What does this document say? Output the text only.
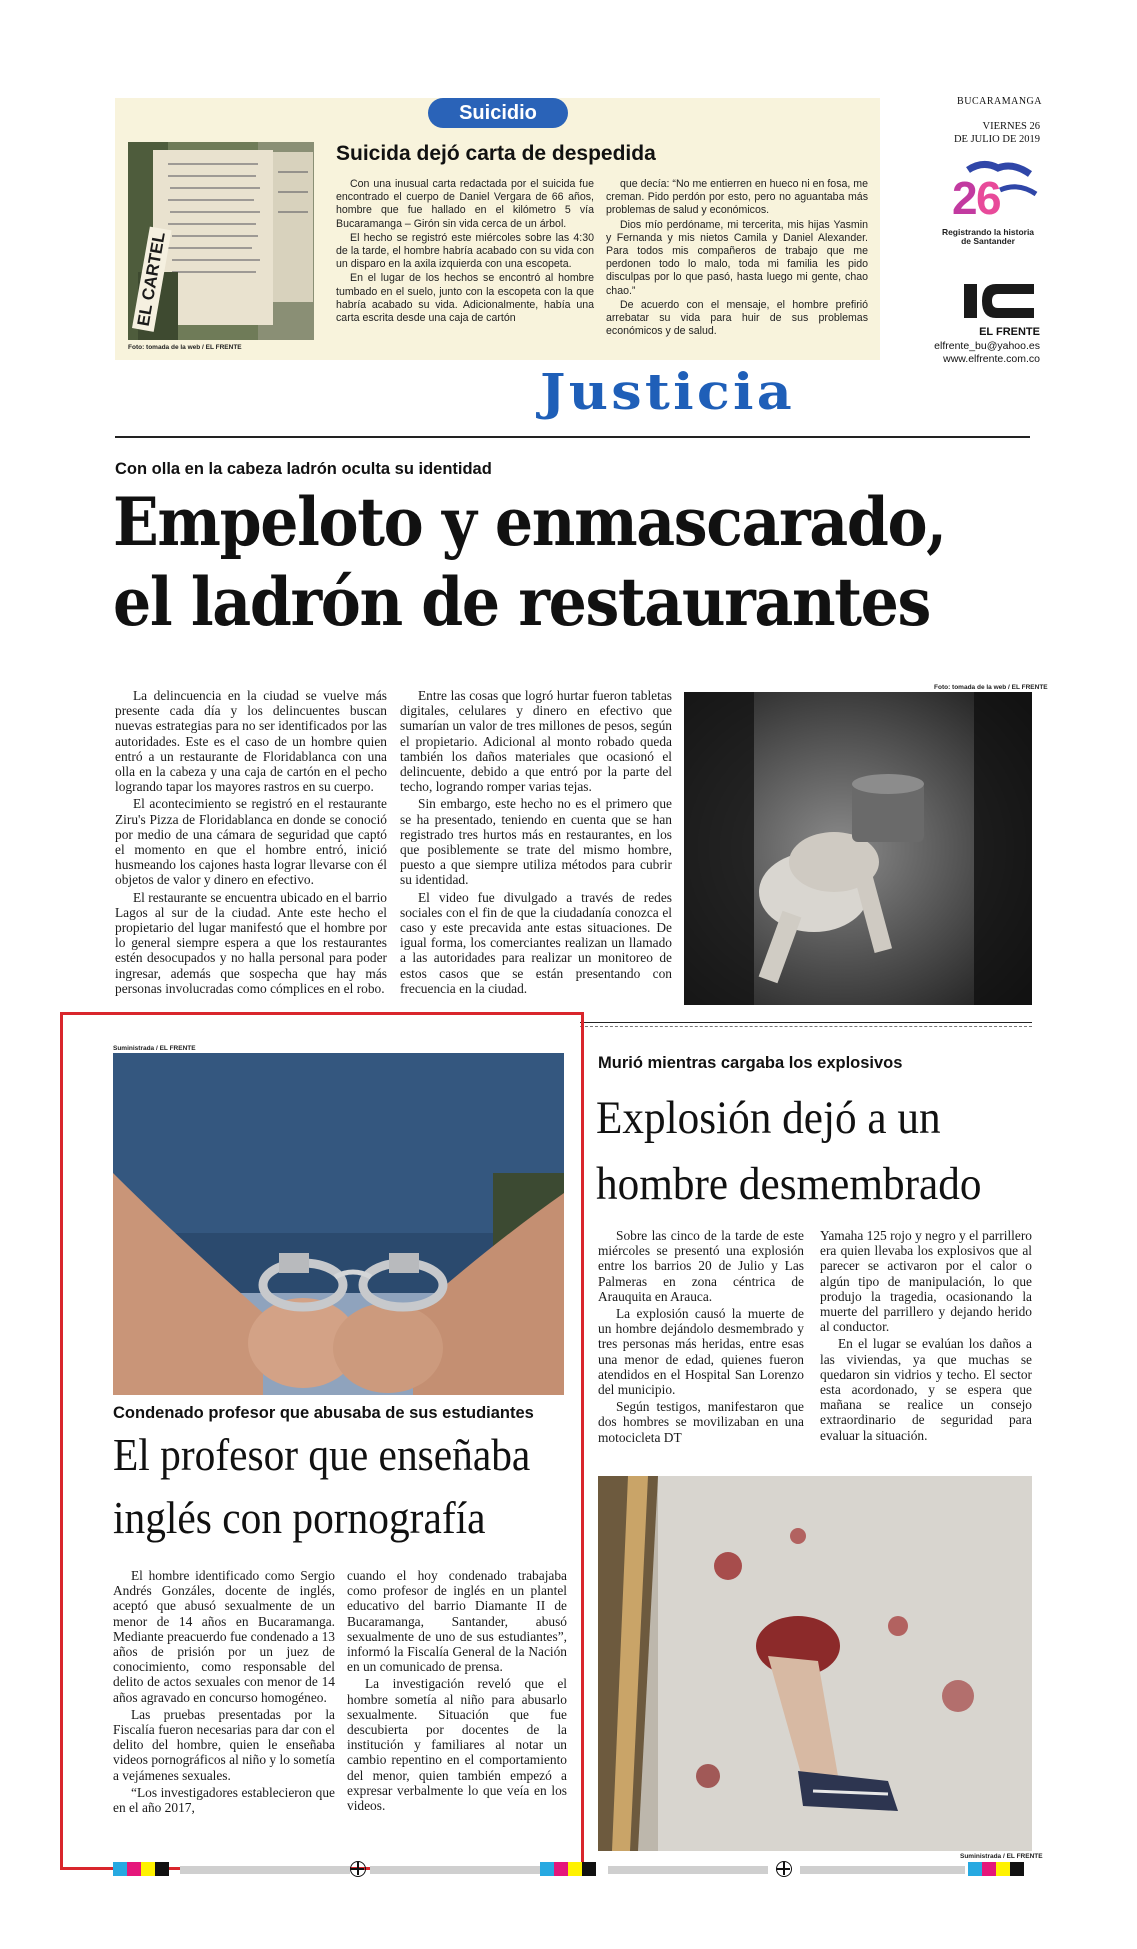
Suicidio
EL CARTEL
Foto: tomada de la web / EL FRENTE
Suicida dejó carta de despedida

Con una inusual carta redactada por el suicida fue encontrado el cuerpo de Daniel Vergara de 66 años, hombre que fue hallado en el kilómetro 5 vía Bucaramanga – Girón sin vida cerca de un árbol.

El hecho se registró este miércoles sobre las 4:30 de la tarde, el hombre habría acabado con su vida con un disparo en la axila izquierda con una escopeta.

En el lugar de los hechos se encontró al hombre tumbado en el suelo, junto con la escopeta con la que habría acabado su vida. Adicionalmente, había una carta escrita desde una caja de cartón

que decía: “No me entierren en hueco ni en fosa, me creman. Pido perdón por esto, pero no aguantaba más problemas de salud y económicos.

Dios mío perdóname, mi tercerita, mis hijas Yasmin y Fernanda y mis nietos Camila y Daniel Alexander. Para todos mis compañeros de trabajo que me perdonen todo lo malo, toda mi familia les pido disculpas por lo que pasó, hasta luego mi gente, chao chao.”

De acuerdo con el mensaje, el hombre prefirió arrebatar su vida para huir de sus problemas económicos y de salud.

BUCARAMANGA
VIERNES 26
DE JULIO DE 2019
2
6
Registrando la historia de Santander
EL FRENTE
elfrente_bu@yahoo.es
www.elfrente.com.co
Justicia
Con olla en la cabeza ladrón oculta su identidad
Empeloto y enmascarado,
el ladrón de restaurantes

La delincuencia en la ciudad se vuelve más presente cada día y los delincuentes buscan nuevas estrategias para no ser identificados por las autoridades. Este es el caso de un hombre quien entró a un restaurante de Floridablanca con una olla en la cabeza y una caja de cartón en el pecho logrando tapar los mayores rastros en su cuerpo.

El acontecimiento se registró en el restaurante Ziru's Pizza de Floridablanca en donde se conoció por medio de una cámara de seguridad que captó el momento en que el hombre entró, inició husmeando los cajones hasta lograr llevarse con él objetos de valor y dinero en efectivo.

El restaurante se encuentra ubicado en el barrio Lagos al sur de la ciudad. Ante este hecho el propietario del lugar manifestó que el hombre por lo general siempre espera a que los restaurantes estén desocupados y no halla personal para poder ingresar, además que sospecha que hay más personas involucradas como cómplices en el robo.

Entre las cosas que logró hurtar fueron tabletas digitales, celulares y dinero en efectivo que sumarían un valor de tres millones de pesos, según el propietario. Adicional al monto robado queda también los daños materiales que ocasionó el delincuente, debido a que entró por la parte del techo, logrando romper varias tejas.

Sin embargo, este hecho no es el primero que se ha presentado, teniendo en cuenta que se han registrado tres hurtos más en restaurantes, en los que posiblemente se trate del mismo hombre, puesto a que siempre utiliza métodos para cubrir su identidad.

El video fue divulgado a través de redes sociales con el fin de que la ciudadanía conozca el caso y este precavida ante estas situaciones. De igual forma, los comerciantes realizan un llamado a las autoridades para realizar un monitoreo de estos casos que se están presentando con frecuencia en la ciudad.

Foto: tomada de la web / EL FRENTE
Suministrada / EL FRENTE
Condenado profesor que abusaba de sus estudiantes
El profesor que enseñaba
inglés con pornografía

El hombre identificado como Sergio Andrés Gonzáles, docente de inglés, aceptó que abusó sexualmente de un menor de 14 años en Bucaramanga. Mediante preacuerdo fue condenado a 13 años de prisión por un juez de conocimiento, como responsable del delito de actos sexuales con menor de 14 años agravado en concurso homogéneo.

Las pruebas presentadas por la Fiscalía fueron necesarias para dar con el delito del hombre, quien le enseñaba videos pornográficos al niño y lo sometía a vejámenes sexuales.

“Los investigadores establecieron que en el año 2017,

cuando el hoy condenado trabajaba como profesor de inglés en un plantel educativo del barrio Diamante II de Bucaramanga, Santander, abusó sexualmente de uno de sus estudiantes”, informó la Fiscalía General de la Nación en un comunicado de prensa.

La investigación reveló que el hombre sometía al niño para abusarlo sexualmente. Situación que fue descubierta por docentes de la institución y familiares al notar un cambio repentino en el comportamiento del menor, quien también empezó a expresar verbalmente lo que veía en los videos.

Murió mientras cargaba los explosivos
Explosión dejó a un
hombre desmembrado

Sobre las cinco de la tarde de este miércoles se presentó una explosión entre los barrios 20 de Julio y Las Palmeras en zona céntrica de Arauquita en Arauca.

La explosión causó la muerte de un hombre dejándolo desmembrado y tres personas más heridas, entre esas una menor de edad, quienes fueron atendidos en el Hospital San Lorenzo del municipio.

Según testigos, manifestaron que dos hombres se movilizaban en una motocicleta DT

Yamaha 125 rojo y negro y el parrillero era quien llevaba los explosivos que al parecer se activaron por el calor o algún tipo de manipulación, lo que produjo la tragedia, ocasionando la muerte del parrillero y dejando herido al conductor.

En el lugar se evalúan los daños a las viviendas, ya que muchas se quedaron sin vidrios y techo. El sector esta acordonado, y se espera que mañana se realice un consejo extraordinario de seguridad para evaluar la situación.

Suministrada / EL FRENTE
